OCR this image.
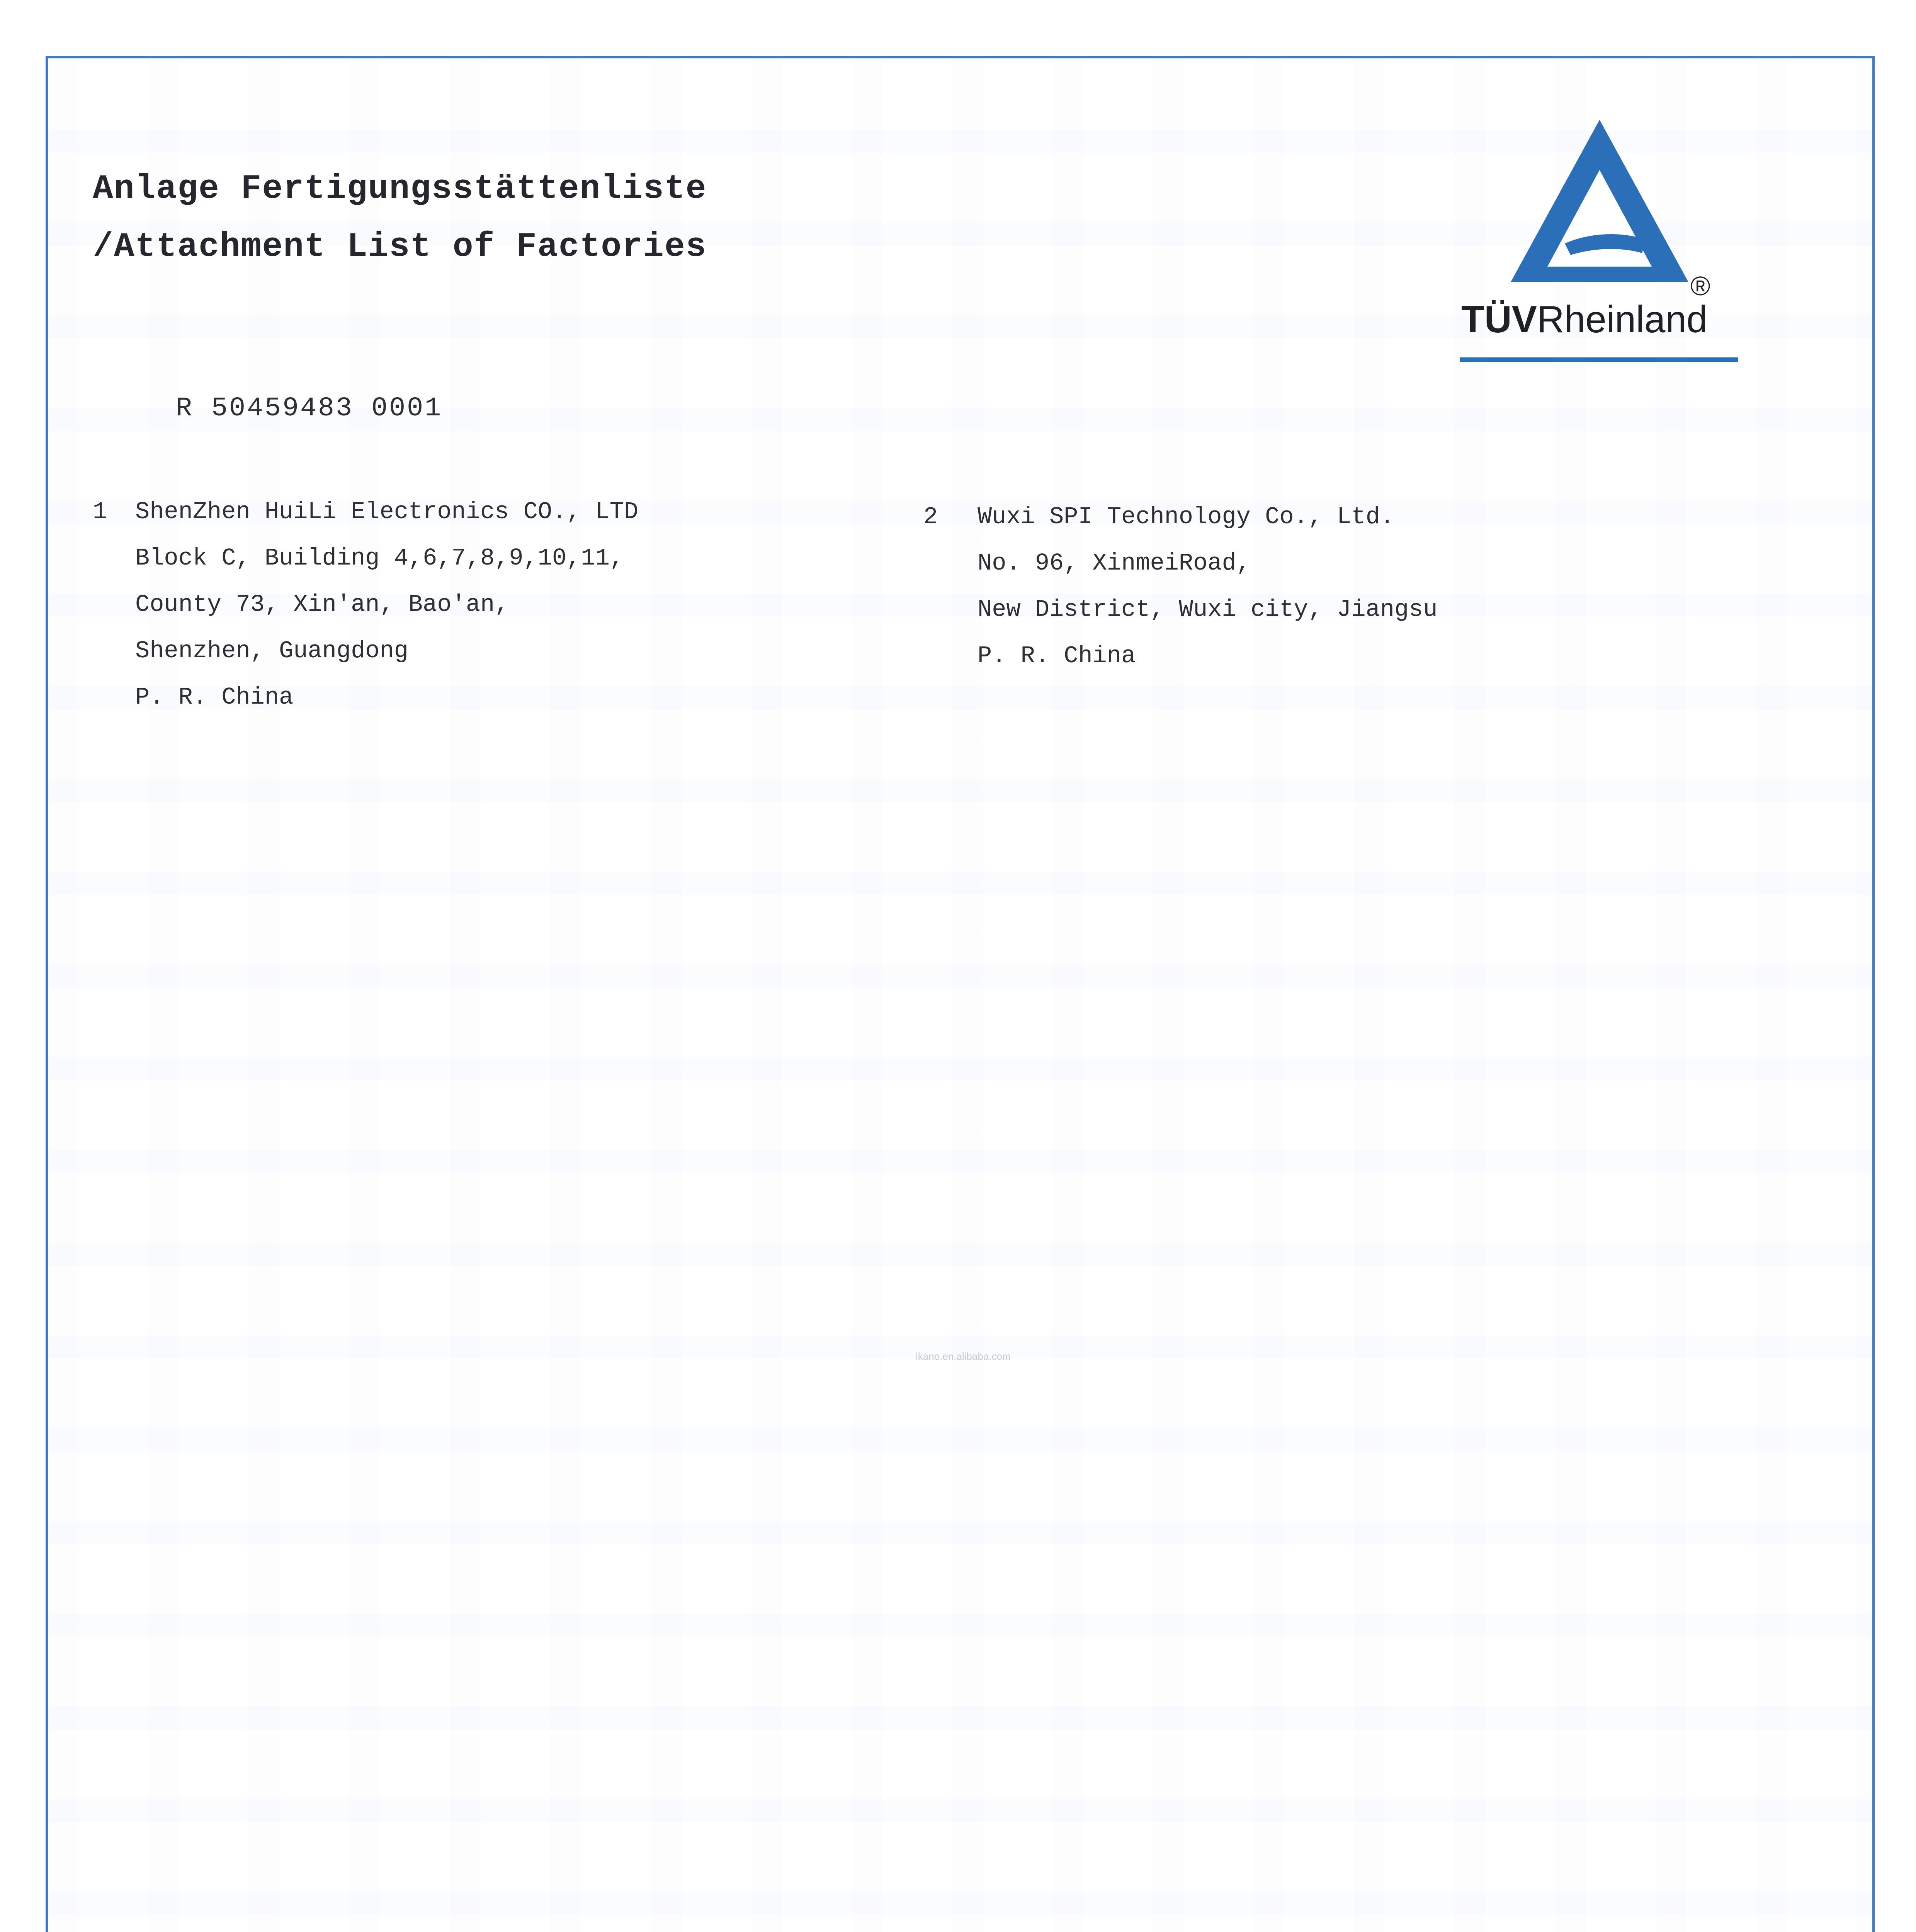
Anlage Fertigungsstättenliste
/Attachment List of Factories
TÜVRheinland
®
R 50459483 0001
1 ShenZhen HuiLi Electronics CO., LTD
Block C, Building 4,6,7,8,9,10,11,
County 73, Xin'an, Bao'an,
Shenzhen, Guangdong
P. R. China
2 Wuxi SPI Technology Co., Ltd.
No. 96, XinmeiRoad,
New District, Wuxi city, Jiangsu
P. R. China
lkano.en.alibaba.com
